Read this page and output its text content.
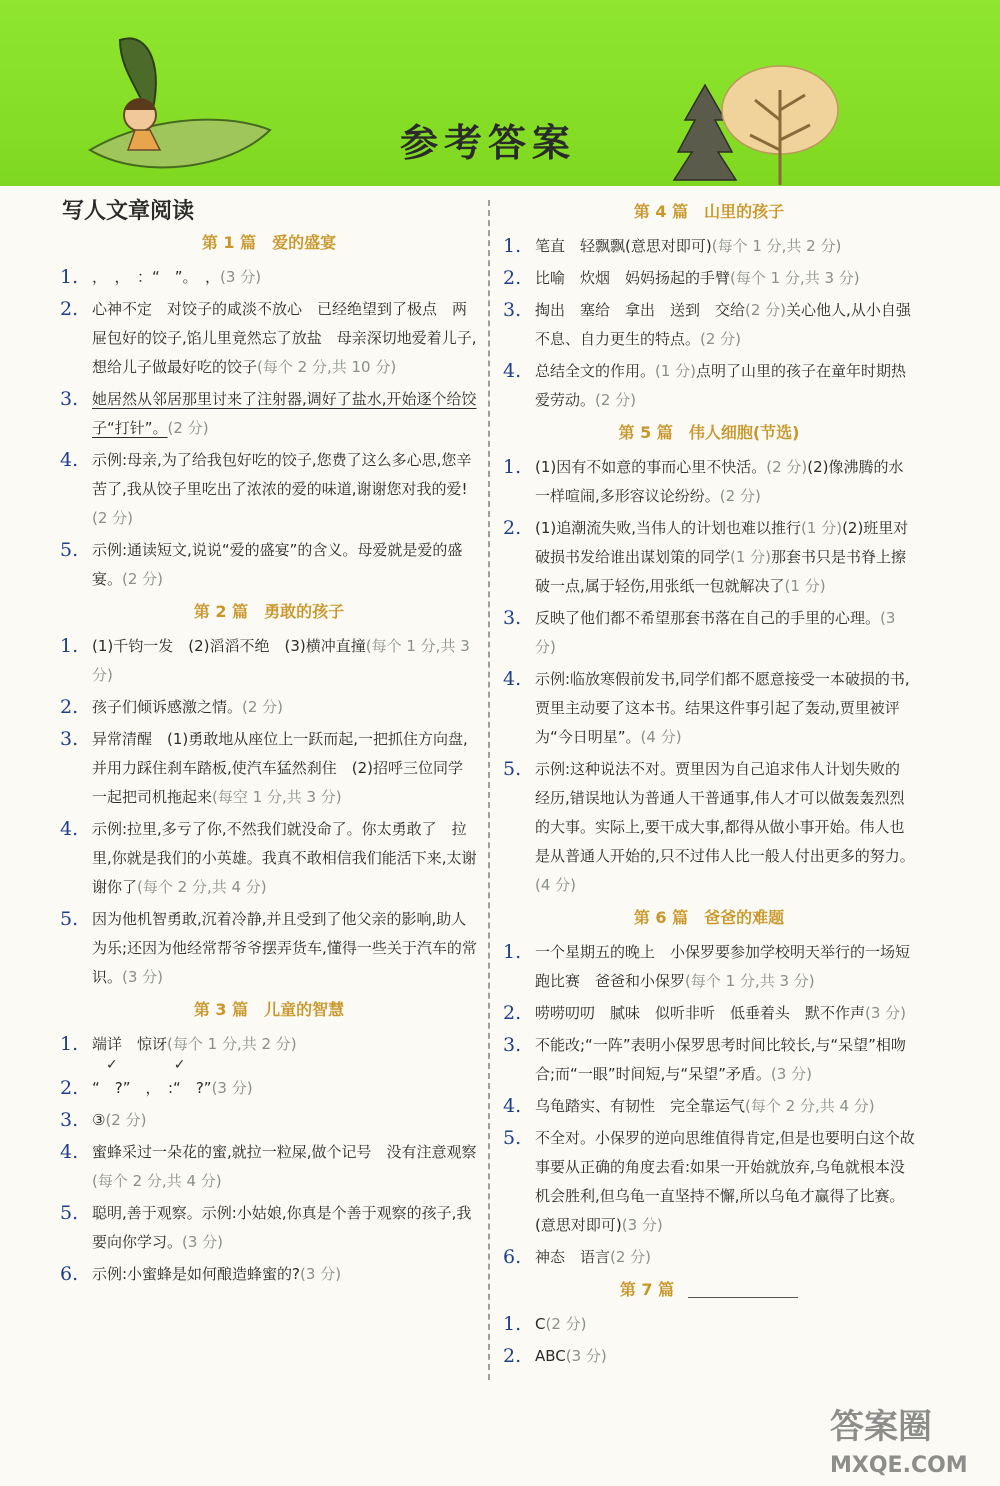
参考答案
写人文章阅读
第 1 篇　爱的盛宴
1. ，　，　：“　”。　，(3 分)
2. 心神不定　对饺子的咸淡不放心　已经绝望到了极点　两屉包好的饺子,馅儿里竟然忘了放盐　母亲深切地爱着儿子,想给儿子做最好吃的饺子(每个 2 分,共 10 分)
3. 她居然从邻居那里讨来了注射器,调好了盐水,开始逐个给饺子“打针”。(2 分)
4. 示例:母亲,为了给我包好吃的饺子,您费了这么多心思,您辛苦了,我从饺子里吃出了浓浓的爱的味道,谢谢您对我的爱!(2 分)
5. 示例:通读短文,说说“爱的盛宴”的含义。母爱就是爱的盛宴。(2 分)
第 2 篇　勇敢的孩子
1. (1)千钧一发　(2)滔滔不绝　(3)横冲直撞(每个 1 分,共 3 分)
2. 孩子们倾诉感激之情。(2 分)
3. 异常清醒　(1)勇敢地从座位上一跃而起,一把抓住方向盘,并用力踩住刹车踏板,使汽车猛然刹住　(2)招呼三位同学一起把司机拖起来(每空 1 分,共 3 分)
4. 示例:拉里,多亏了你,不然我们就没命了。你太勇敢了　拉里,你就是我们的小英雄。我真不敢相信我们能活下来,太谢谢你了(每个 2 分,共 4 分)
5. 因为他机智勇敢,沉着冷静,并且受到了他父亲的影响,助人为乐;还因为他经常帮爷爷摆弄货车,懂得一些关于汽车的常识。(3 分)
第 3 篇　儿童的智慧
1. 端详　惊讶(每个 1 分,共 2 分)
　✓　　　　✓
2. “　?”　，　:“　?”(3 分)
3. ③(2 分)
4. 蜜蜂采过一朵花的蜜,就拉一粒屎,做个记号　没有注意观察(每个 2 分,共 4 分)
5. 聪明,善于观察。示例:小姑娘,你真是个善于观察的孩子,我要向你学习。(3 分)
6. 示例:小蜜蜂是如何酿造蜂蜜的?(3 分)
第 4 篇　山里的孩子
1. 笔直　轻飘飘(意思对即可)(每个 1 分,共 2 分)
2. 比喻　炊烟　妈妈扬起的手臂(每个 1 分,共 3 分)
3. 掏出　塞给　拿出　送到　交给(2 分)关心他人,从小自强不息、自力更生的特点。(2 分)
4. 总结全文的作用。(1 分)点明了山里的孩子在童年时期热爱劳动。(2 分)
第 5 篇　伟人细胞(节选)
1. (1)因有不如意的事而心里不快活。(2 分)(2)像沸腾的水一样喧闹,多形容议论纷纷。(2 分)
2. (1)追潮流失败,当伟人的计划也难以推行(1 分)(2)班里对破损书发给谁出谋划策的同学(1 分)那套书只是书脊上擦破一点,属于轻伤,用张纸一包就解决了(1 分)
3. 反映了他们都不希望那套书落在自己的手里的心理。(3 分)
4. 示例:临放寒假前发书,同学们都不愿意接受一本破损的书,贾里主动要了这本书。结果这件事引起了轰动,贾里被评为“今日明星”。(4 分)
5. 示例:这种说法不对。贾里因为自己追求伟人计划失败的经历,错误地认为普通人干普通事,伟人才可以做轰轰烈烈的大事。实际上,要干成大事,都得从做小事开始。伟人也是从普通人开始的,只不过伟人比一般人付出更多的努力。(4 分)
第 6 篇　爸爸的难题
1. 一个星期五的晚上　小保罗要参加学校明天举行的一场短跑比赛　爸爸和小保罗(每个 1 分,共 3 分)
2. 唠唠叨叨　腻味　似听非听　低垂着头　默不作声(3 分)
3. 不能改;“一阵”表明小保罗思考时间比较长,与“呆望”相吻合;而“一眼”时间短,与“呆望”矛盾。(3 分)
4. 乌龟踏实、有韧性　完全靠运气(每个 2 分,共 4 分)
5. 不全对。小保罗的逆向思维值得肯定,但是也要明白这个故事要从正确的角度去看:如果一开始就放弃,乌龟就根本没机会胜利,但乌龟一直坚持不懈,所以乌龟才赢得了比赛。(意思对即可)(3 分)
6. 神态　语言(2 分)
第 7 篇
1. C(2 分)
2. ABC(3 分)
答案圈
MXQE.COM
